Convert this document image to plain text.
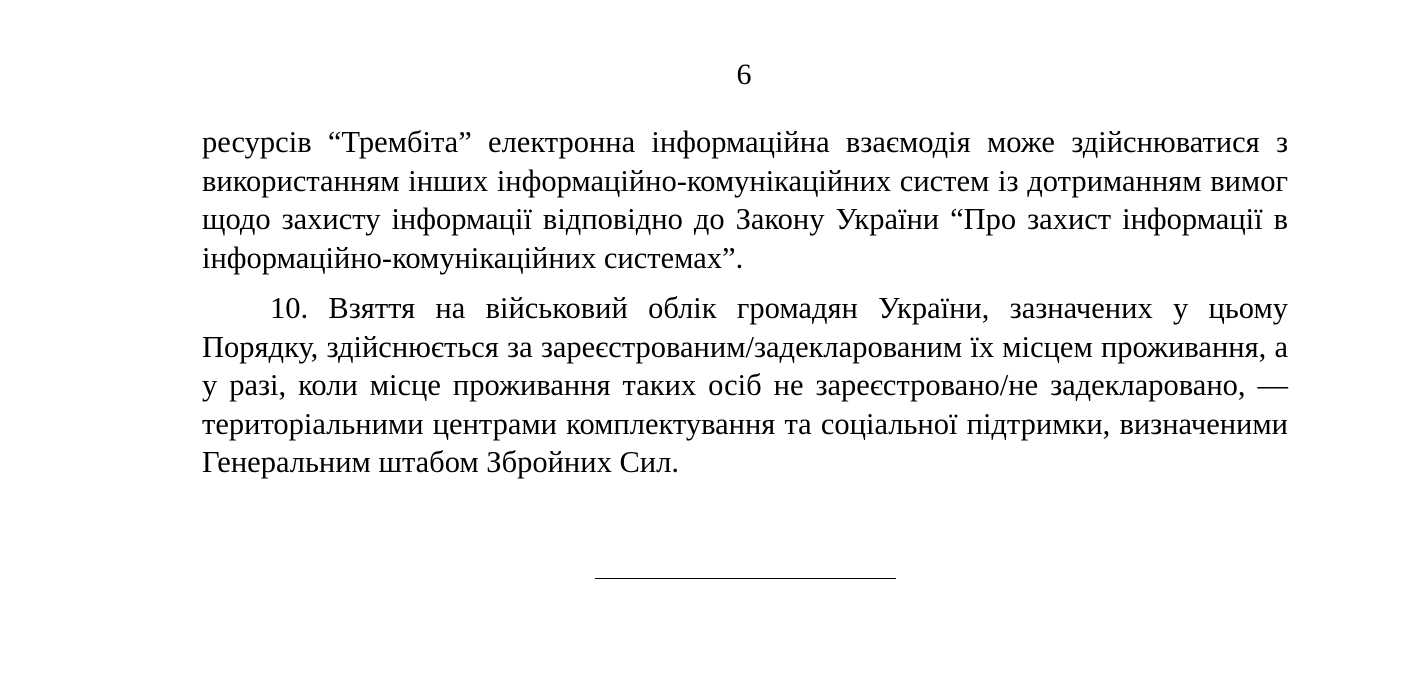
6

ресурсів “Трембіта” електронна інформаційна взаємодія може здійснюватися з використанням інших інформаційно-комунікаційних систем із дотриманням вимог щодо захисту інформації відповідно до Закону України “Про захист інформації в інформаційно-комунікаційних системах”.

10. Взяття на військовий облік громадян України, зазначених у цьому Порядку, здійснюється за зареєстрованим/задекларованим їх місцем проживання, а у разі, коли місце проживання таких осіб не зареєстровано/не задекларовано, — територіальними центрами комплектування та соціальної підтримки, визначеними Генеральним штабом Збройних Сил.
